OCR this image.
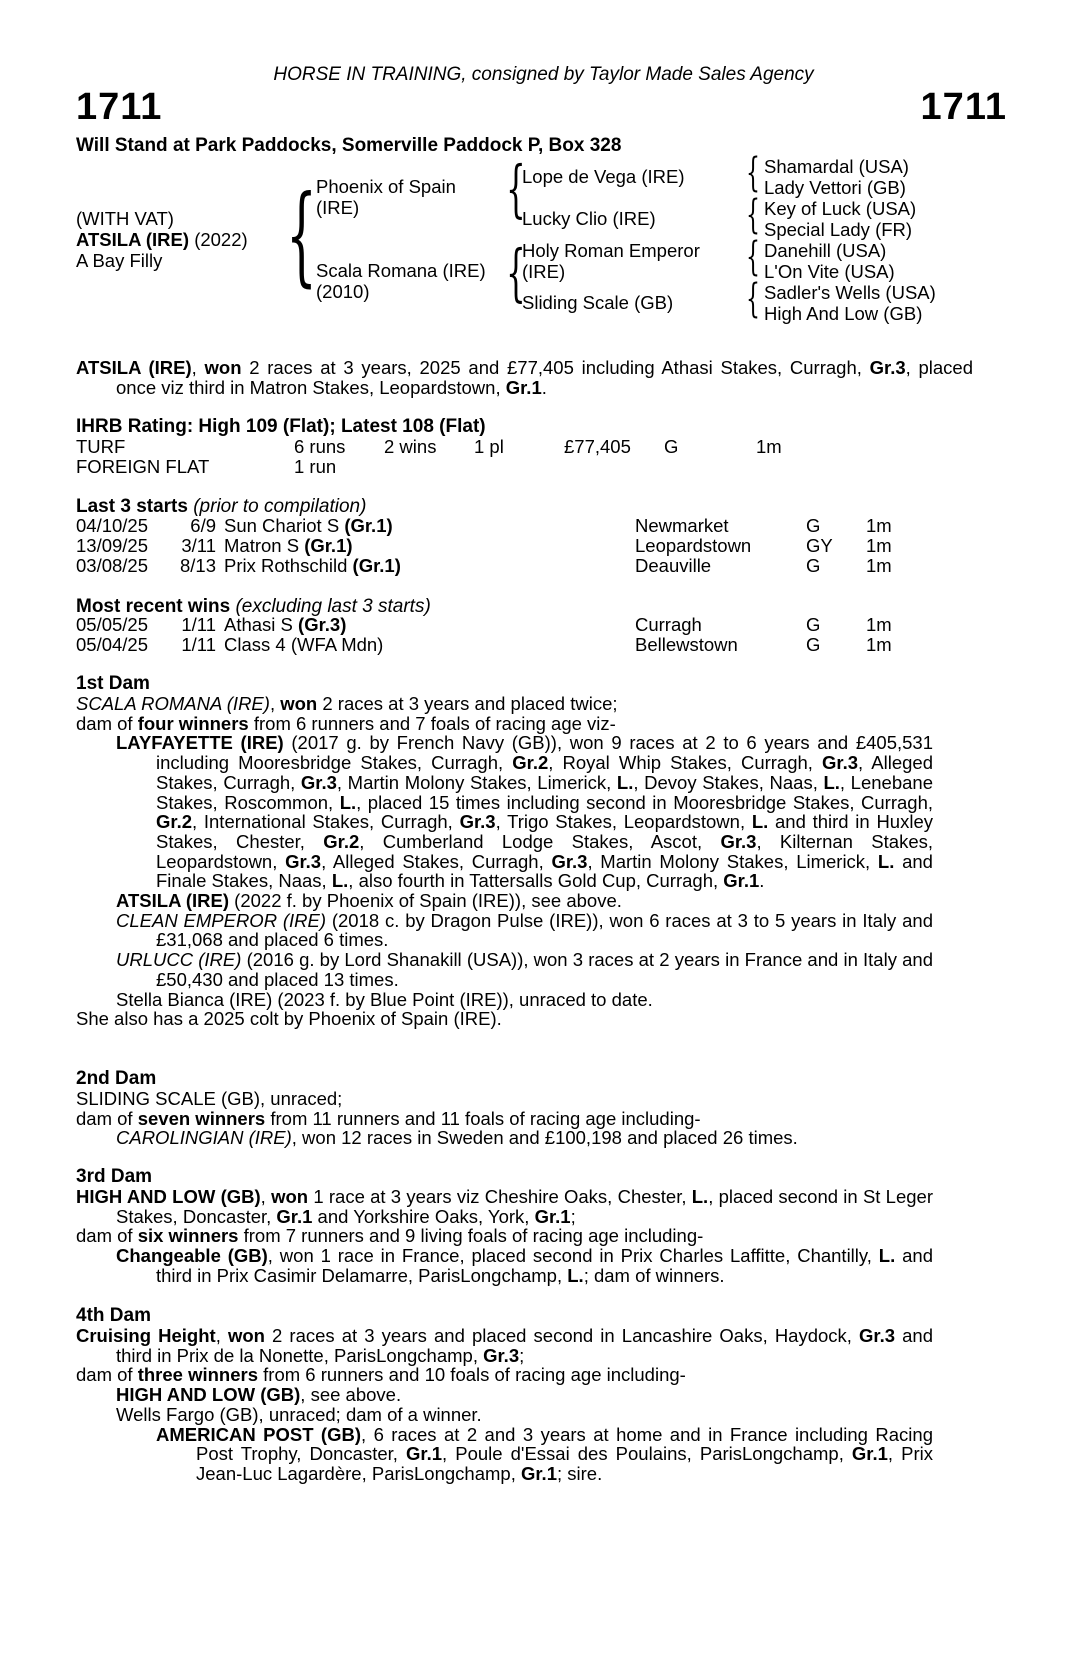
HORSE IN TRAINING, consigned by Taylor Made Sales Agency
1711	1711
Will Stand at Park Paddocks, Somerville Paddock P, Box 328
(WITH VAT)
ATSILA (IRE) (2022)
A Bay Filly	{ Phoenix of Spain
(IRE)
Scala Romana (IRE)
(2010)
{
{
Lope de Vega (IRE)
Lucky Clio (IRE)
Holy Roman Emperor
(IRE)
Sliding Scale (GB)
{
{
{
{
Shamardal (USA)
Lady Vettori (GB)
Key of Luck (USA)
Special Lady (FR)
Danehill (USA)
L'On Vite (USA)
Sadler's Wells (USA)
High And Low (GB)
ATSILA (IRE), won 2 races at 3 years, 2025 and £77,405 including Athasi Stakes, Curragh, Gr.3, placed once viz third in Matron Stakes, Leopardstown, Gr.1.
IHRB Rating: High 109 (Flat); Latest 108 (Flat)
TURF	6 runs 2 wins 1 pl	£77,405 G	1m
FOREIGN FLAT	1 run
Last 3 starts (prior to compilation)
04/10/25	6/9 Sun Chariot S (Gr.1)	Newmarket	G 1m
13/09/25	3/11 Matron S (Gr.1)	Leopardstown	GY 1m
03/08/25	8/13 Prix Rothschild (Gr.1)	Deauville	G 1m
Most recent wins (excluding last 3 starts)
05/05/25	1/11 Athasi S (Gr.3)	Curragh	G 1m
05/04/25	1/11 Class 4 (WFA Mdn)	Bellewstown	G 1m
1st Dam
SCALA ROMANA (IRE), won 2 races at 3 years and placed twice;
dam of four winners from 6 runners and 7 foals of racing age viz-
LAYFAYETTE (IRE) (2017 g. by French Navy (GB)), won 9 races at 2 to 6 years and £405,531 including Mooresbridge Stakes, Curragh, Gr.2, Royal Whip Stakes, Curragh, Gr.3, Alleged Stakes, Curragh, Gr.3, Martin Molony Stakes, Limerick, L., Devoy Stakes, Naas, L., Lenebane Stakes, Roscommon, L., placed 15 times including second in Mooresbridge Stakes, Curragh, Gr.2, International Stakes, Curragh, Gr.3, Trigo Stakes, Leopardstown, L. and third in Huxley Stakes, Chester, Gr.2, Cumberland Lodge Stakes, Ascot, Gr.3, Kilternan Stakes, Leopardstown, Gr.3, Alleged Stakes, Curragh, Gr.3, Martin Molony Stakes, Limerick, L. and Finale Stakes, Naas, L., also fourth in Tattersalls Gold Cup, Curragh, Gr.1.
ATSILA (IRE) (2022 f. by Phoenix of Spain (IRE)), see above.
CLEAN EMPEROR (IRE) (2018 c. by Dragon Pulse (IRE)), won 6 races at 3 to 5 years in Italy and £31,068 and placed 6 times.
URLUCC (IRE) (2016 g. by Lord Shanakill (USA)), won 3 races at 2 years in France and in Italy and £50,430 and placed 13 times.
Stella Bianca (IRE) (2023 f. by Blue Point (IRE)), unraced to date.
She also has a 2025 colt by Phoenix of Spain (IRE).
2nd Dam
SLIDING SCALE (GB), unraced;
dam of seven winners from 11 runners and 11 foals of racing age including-
CAROLINGIAN (IRE), won 12 races in Sweden and £100,198 and placed 26 times.
3rd Dam
HIGH AND LOW (GB), won 1 race at 3 years viz Cheshire Oaks, Chester, L., placed second in St Leger Stakes, Doncaster, Gr.1 and Yorkshire Oaks, York, Gr.1;
dam of six winners from 7 runners and 9 living foals of racing age including-
Changeable (GB), won 1 race in France, placed second in Prix Charles Laffitte, Chantilly, L. and third in Prix Casimir Delamarre, ParisLongchamp, L.; dam of winners.
4th Dam
Cruising Height, won 2 races at 3 years and placed second in Lancashire Oaks, Haydock, Gr.3 and third in Prix de la Nonette, ParisLongchamp, Gr.3;
dam of three winners from 6 runners and 10 foals of racing age including-
HIGH AND LOW (GB), see above.
Wells Fargo (GB), unraced; dam of a winner.
AMERICAN POST (GB), 6 races at 2 and 3 years at home and in France including Racing Post Trophy, Doncaster, Gr.1, Poule d'Essai des Poulains, ParisLongchamp, Gr.1, Prix Jean-Luc Lagardère, ParisLongchamp, Gr.1; sire.
